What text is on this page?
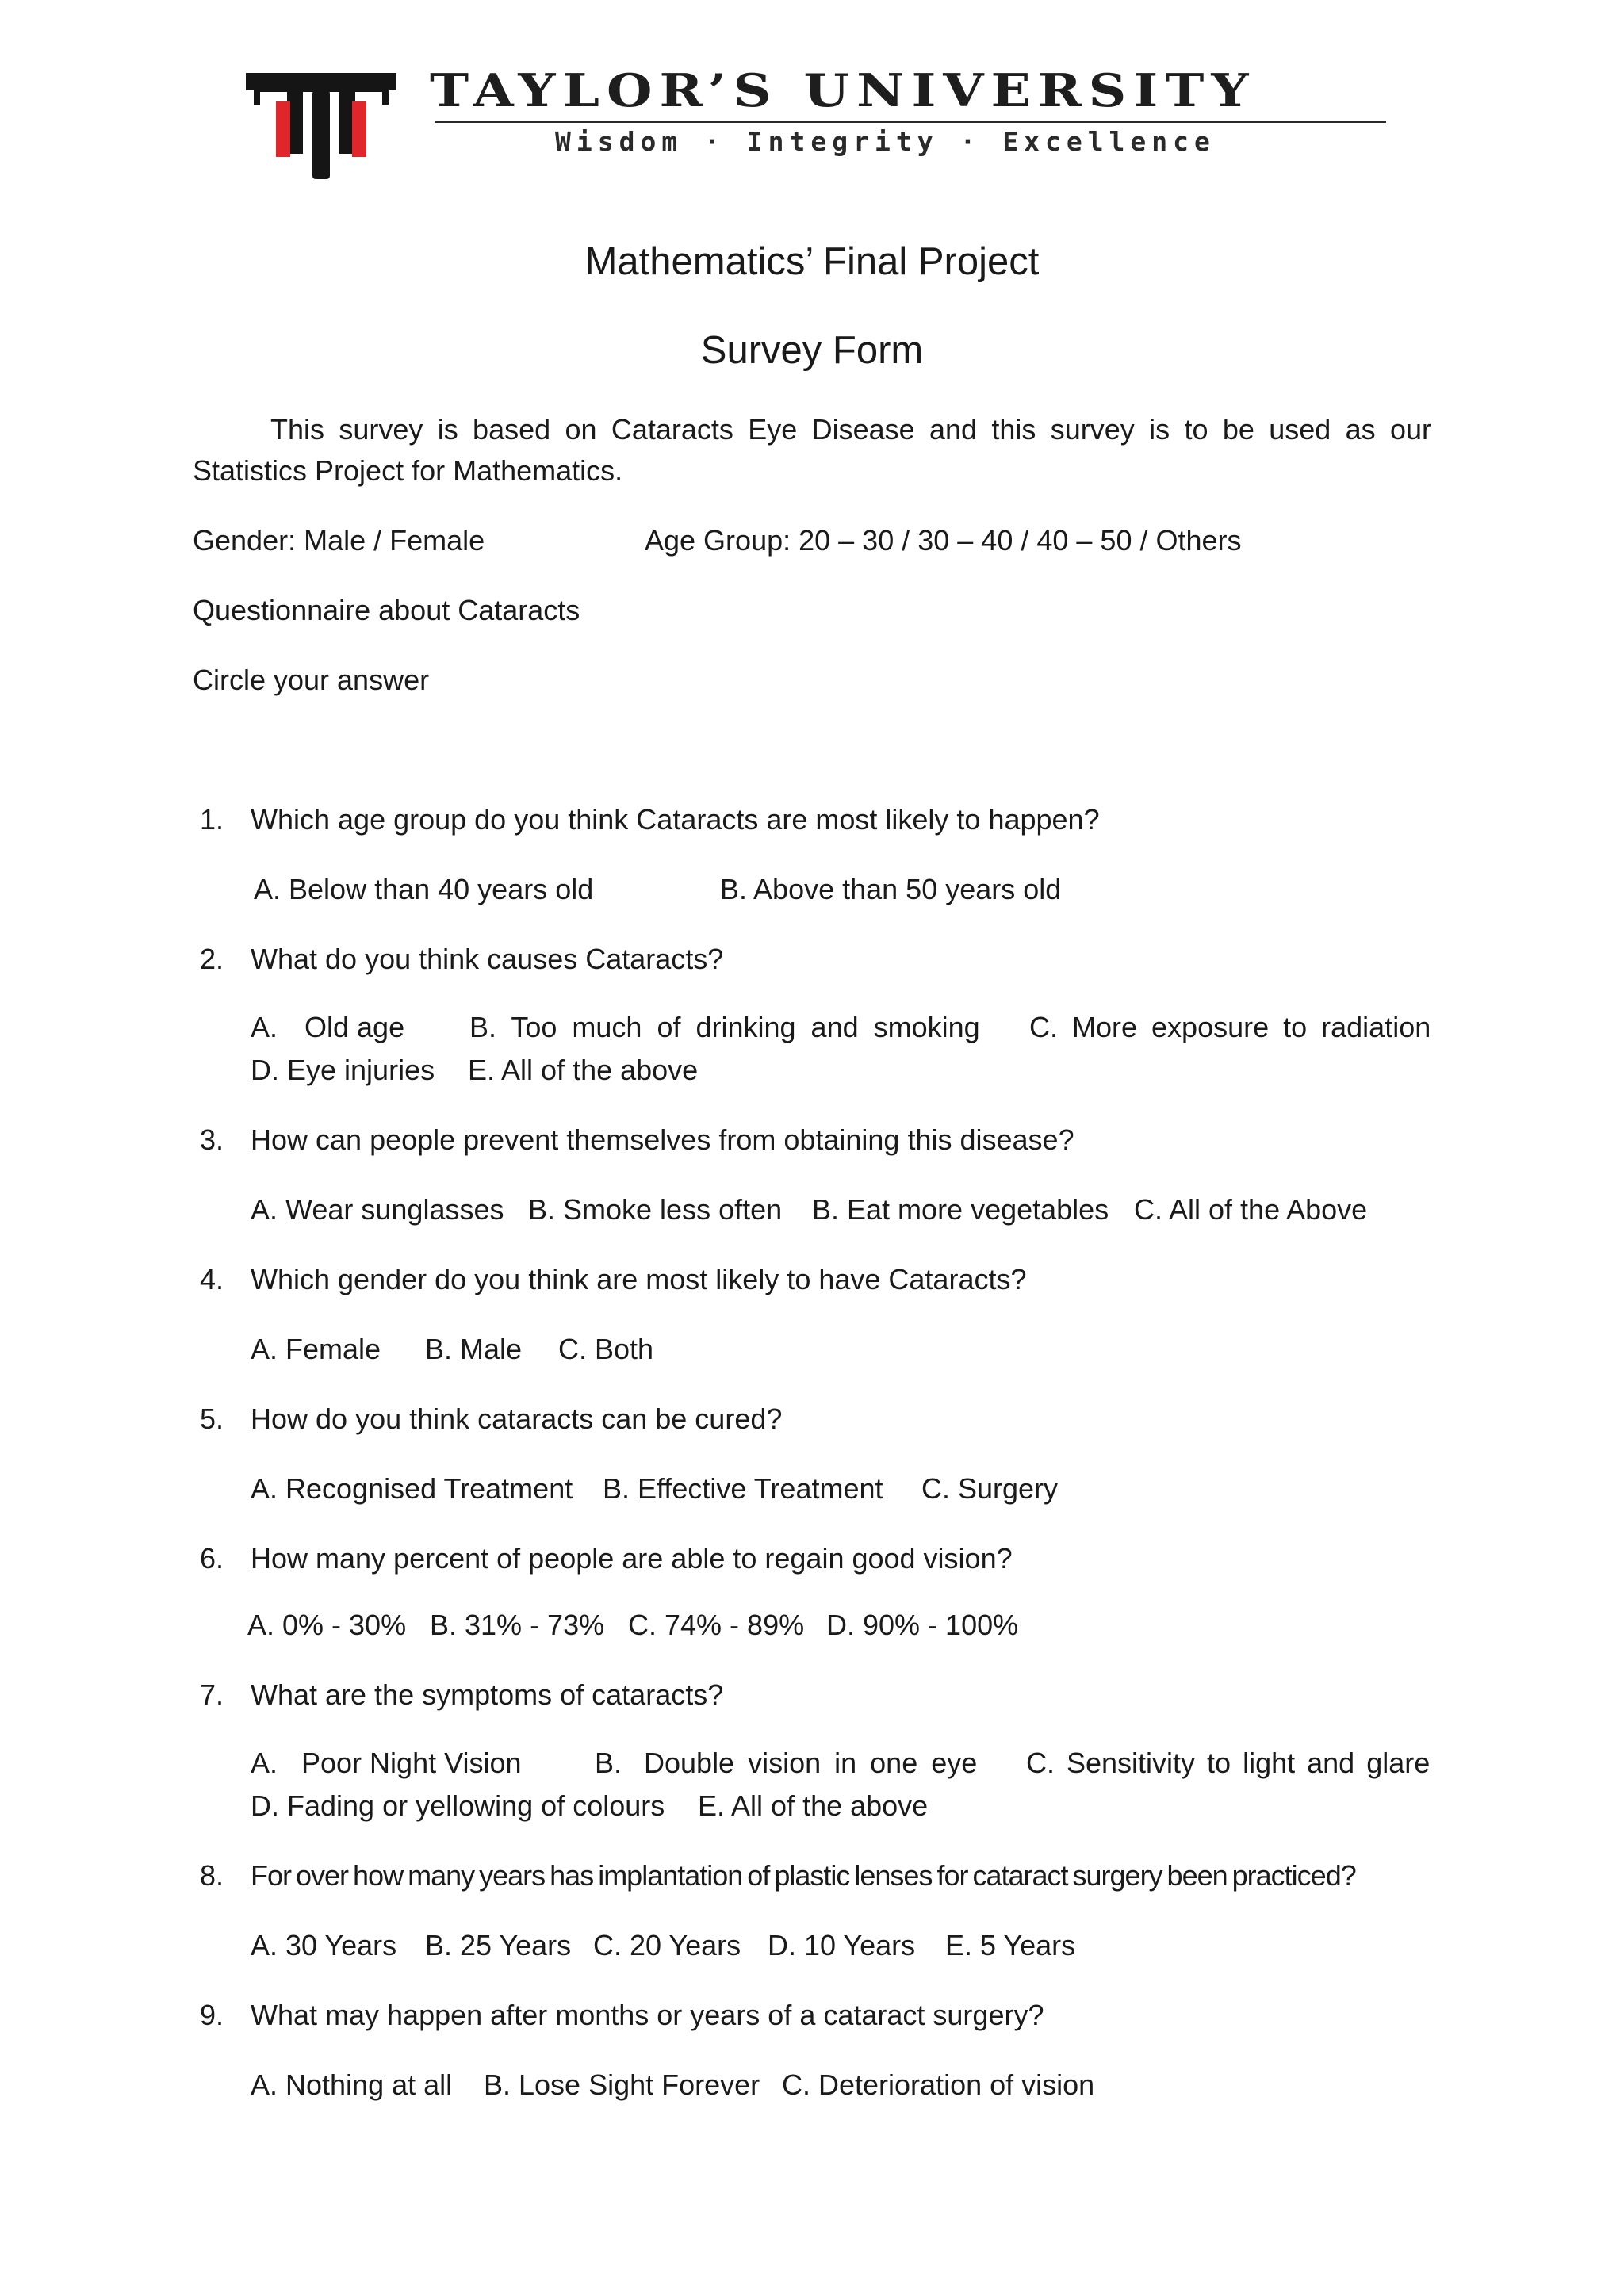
TAYLOR’S UNIVERSITY
Wisdom · Integrity · Excellence
Mathematics’ Final Project
Survey Form
This survey is based on Cataracts Eye Disease and this survey is to be used as our Statistics Project for Mathematics.
Gender: Male / Female	Age Group: 20 – 30 / 30 – 40 / 40 – 50 / Others
Questionnaire about Cataracts
Circle your answer
1. Which age group do you think Cataracts are most likely to happen?
A. Below than 40 years old	B. Above than 50 years old
2. What do you think causes Cataracts?
A. Old age B. Too much of drinking and smoking C. More exposure to radiation
D. Eye injuries E. All of the above
3. How can people prevent themselves from obtaining this disease?
A. Wear sunglasses B. Smoke less often B. Eat more vegetables C. All of the Above
4. Which gender do you think are most likely to have Cataracts?
A. Female B. Male C. Both
5. How do you think cataracts can be cured?
A. Recognised Treatment B. Effective Treatment C. Surgery
6. How many percent of people are able to regain good vision?
A. 0% - 30% B. 31% - 73% C. 74% - 89% D. 90% - 100%
7. What are the symptoms of cataracts?
A. Poor Night Vision	B. Double vision in one eye C. Sensitivity to light and glare
D. Fading or yellowing of colours E. All of the above
8. For over how many years has implantation of plastic lenses for cataract surgery been practiced?
A. 30 Years B. 25 Years C. 20 Years D. 10 Years E. 5 Years
9. What may happen after months or years of a cataract surgery?
A. Nothing at all B. Lose Sight Forever C. Deterioration of vision
